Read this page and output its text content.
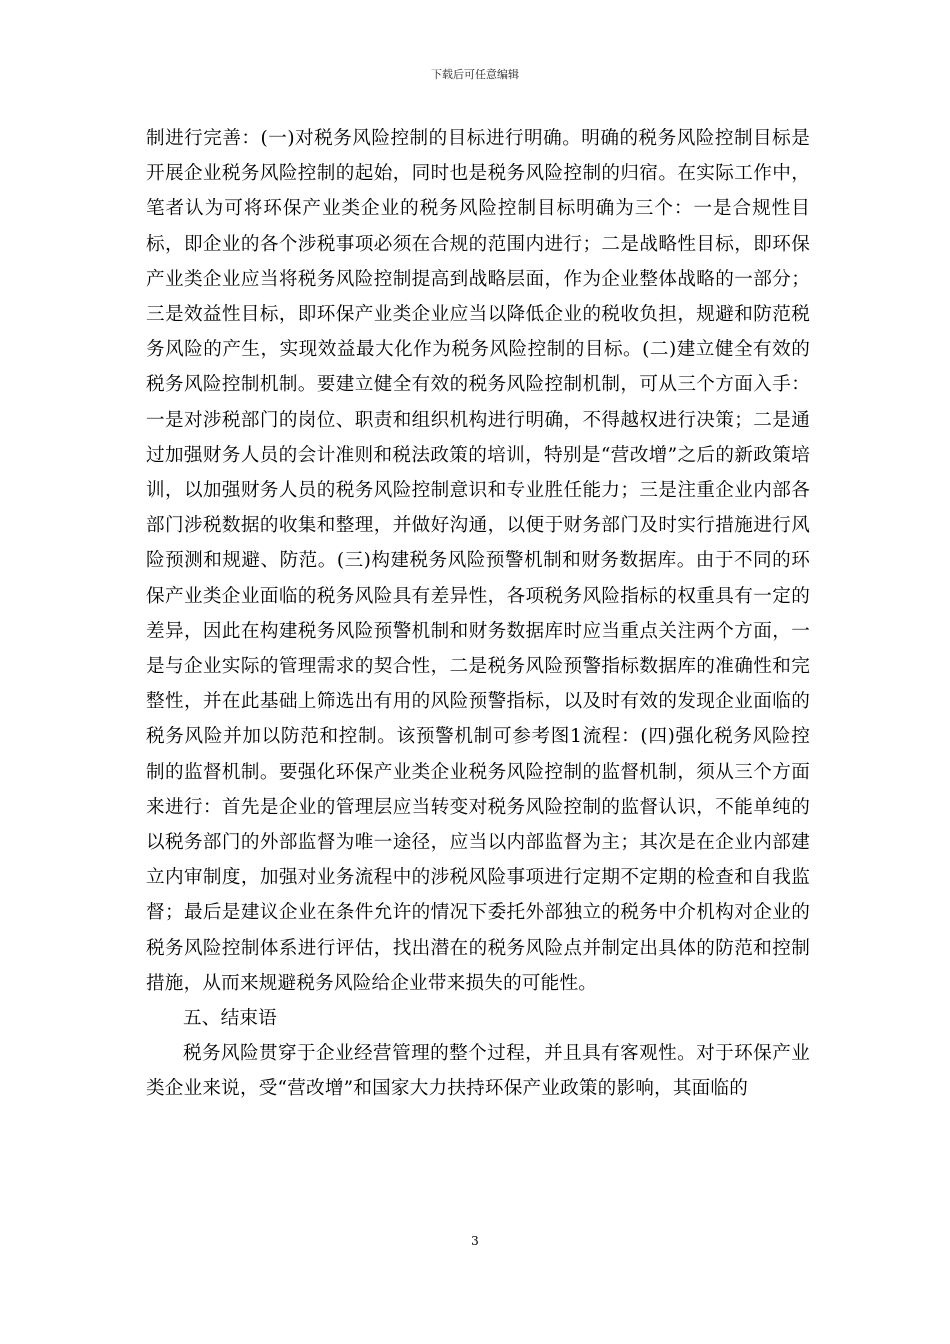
下载后可任意编辑

制进行完善：(一)对税务风险控制的目标进行明确。明确的税务风险控制目标是开展企业税务风险控制的起始，同时也是税务风险控制的归宿。在实际工作中，笔者认为可将环保产业类企业的税务风险控制目标明确为三个：一是合规性目标，即企业的各个涉税事项必须在合规的范围内进行；二是战略性目标，即环保产业类企业应当将税务风险控制提高到战略层面，作为企业整体战略的一部分；三是效益性目标，即环保产业类企业应当以降低企业的税收负担，规避和防范税务风险的产生，实现效益最大化作为税务风险控制的目标。(二)建立健全有效的税务风险控制机制。要建立健全有效的税务风险控制机制，可从三个方面入手：一是对涉税部门的岗位、职责和组织机构进行明确，不得越权进行决策；二是通过加强财务人员的会计准则和税法政策的培训，特别是“营改增”之后的新政策培训，以加强财务人员的税务风险控制意识和专业胜任能力；三是注重企业内部各部门涉税数据的收集和整理，并做好沟通，以便于财务部门及时实行措施进行风险预测和规避、防范。(三)构建税务风险预警机制和财务数据库。由于不同的环保产业类企业面临的税务风险具有差异性，各项税务风险指标的权重具有一定的差异，因此在构建税务风险预警机制和财务数据库时应当重点关注两个方面，一是与企业实际的管理需求的契合性，二是税务风险预警指标数据库的准确性和完整性，并在此基础上筛选出有用的风险预警指标，以及时有效的发现企业面临的税务风险并加以防范和控制。该预警机制可参考图1流程：(四)强化税务风险控制的监督机制。要强化环保产业类企业税务风险控制的监督机制，须从三个方面来进行：首先是企业的管理层应当转变对税务风险控制的监督认识，不能单纯的以税务部门的外部监督为唯一途径，应当以内部监督为主；其次是在企业内部建立内审制度，加强对业务流程中的涉税风险事项进行定期不定期的检查和自我监督；最后是建议企业在条件允许的情况下委托外部独立的税务中介机构对企业的税务风险控制体系进行评估，找出潜在的税务风险点并制定出具体的防范和控制措施，从而来规避税务风险给企业带来损失的可能性。

五、结束语

税务风险贯穿于企业经营管理的整个过程，并且具有客观性。对于环保产业类企业来说，受“营改增”和国家大力扶持环保产业政策的影响，其面临的

3
